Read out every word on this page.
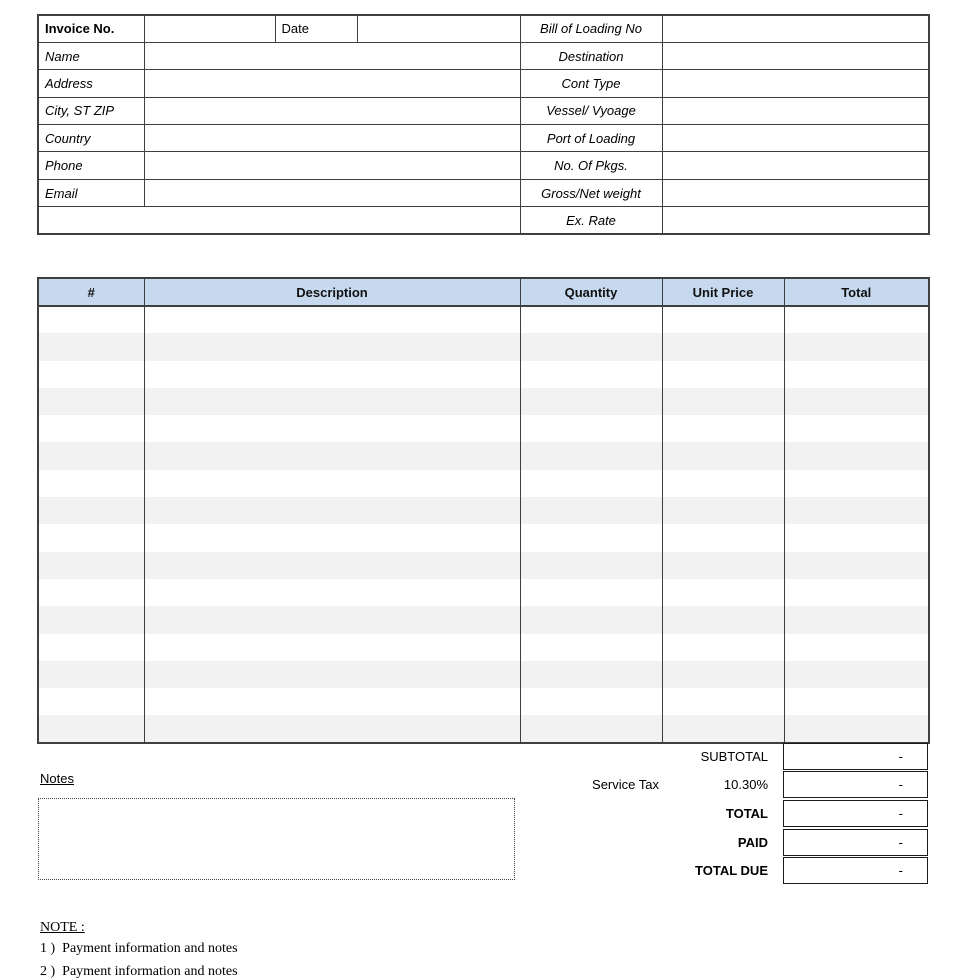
Invoice No.		Date		Bill of Loading No	
Name				Destination	
Address				Cont Type	
City, ST ZIP				Vessel/ Vyoage	
Country				Port of Loading	
Phone				No. Of Pkgs.	
Email				Gross/Net weight	
				Ex. Rate	
#	Description	Quantity	Unit Price	Total

SUBTOTAL	-
Service Tax	10.30%	-
TOTAL	-
PAID	-
TOTAL DUE	-
Notes
NOTE :
1 )  Payment information and notes
2 )  Payment information and notes
